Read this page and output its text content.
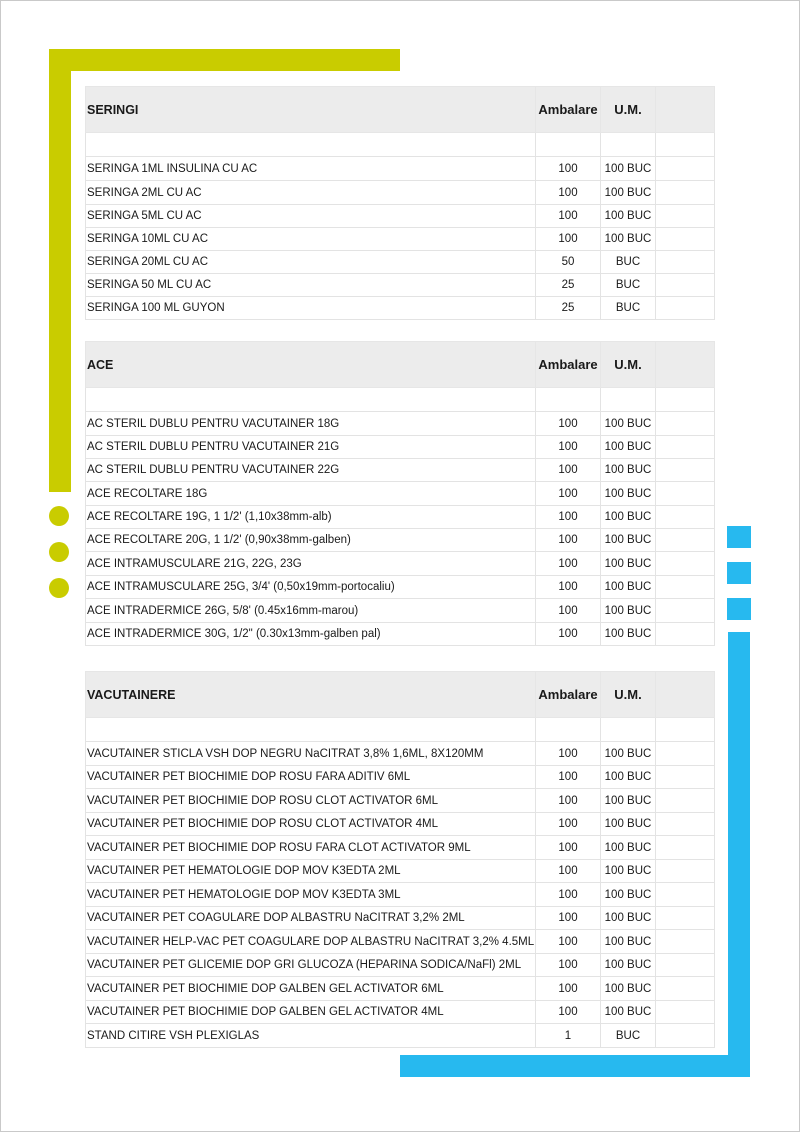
SERINGI	Ambalare	U.M.	

SERINGA 1ML INSULINA CU AC	100	100 BUC	
SERINGA 2ML CU AC	100	100 BUC	
SERINGA 5ML CU AC	100	100 BUC	
SERINGA 10ML CU AC	100	100 BUC	
SERINGA 20ML CU AC	50	BUC	
SERINGA 50 ML CU AC	25	BUC	
SERINGA 100 ML GUYON	25	BUC	
ACE	Ambalare	U.M.	

AC STERIL DUBLU PENTRU VACUTAINER 18G	100	100 BUC	
AC STERIL DUBLU PENTRU VACUTAINER 21G	100	100 BUC	
AC STERIL DUBLU PENTRU VACUTAINER 22G	100	100 BUC	
ACE RECOLTARE 18G	100	100 BUC	
ACE RECOLTARE 19G, 1 1/2' (1,10x38mm-alb)	100	100 BUC	
ACE RECOLTARE 20G, 1 1/2' (0,90x38mm-galben)	100	100 BUC	
ACE INTRAMUSCULARE 21G, 22G, 23G	100	100 BUC	
ACE INTRAMUSCULARE 25G, 3/4' (0,50x19mm-portocaliu)	100	100 BUC	
ACE INTRADERMICE 26G, 5/8' (0.45x16mm-marou)	100	100 BUC	
ACE INTRADERMICE 30G, 1/2" (0.30x13mm-galben pal)	100	100 BUC	
VACUTAINERE	Ambalare	U.M.	

VACUTAINER STICLA VSH DOP NEGRU NaCITRAT 3,8% 1,6ML, 8X120MM	100	100 BUC	
VACUTAINER PET BIOCHIMIE DOP ROSU FARA ADITIV 6ML	100	100 BUC	
VACUTAINER PET BIOCHIMIE DOP ROSU CLOT ACTIVATOR 6ML	100	100 BUC	
VACUTAINER PET BIOCHIMIE DOP ROSU CLOT ACTIVATOR 4ML	100	100 BUC	
VACUTAINER PET BIOCHIMIE DOP ROSU FARA CLOT ACTIVATOR 9ML	100	100 BUC	
VACUTAINER PET HEMATOLOGIE DOP MOV K3EDTA 2ML	100	100 BUC	
VACUTAINER PET HEMATOLOGIE DOP MOV K3EDTA 3ML	100	100 BUC	
VACUTAINER PET COAGULARE DOP ALBASTRU NaCITRAT 3,2% 2ML	100	100 BUC	
VACUTAINER HELP-VAC PET COAGULARE DOP ALBASTRU NaCITRAT 3,2% 4.5ML	100	100 BUC	
VACUTAINER PET GLICEMIE DOP GRI GLUCOZA (HEPARINA SODICA/NaFl) 2ML	100	100 BUC	
VACUTAINER PET BIOCHIMIE DOP GALBEN GEL ACTIVATOR 6ML	100	100 BUC	
VACUTAINER PET BIOCHIMIE DOP GALBEN GEL ACTIVATOR 4ML	100	100 BUC	
STAND CITIRE VSH PLEXIGLAS	1	BUC	
